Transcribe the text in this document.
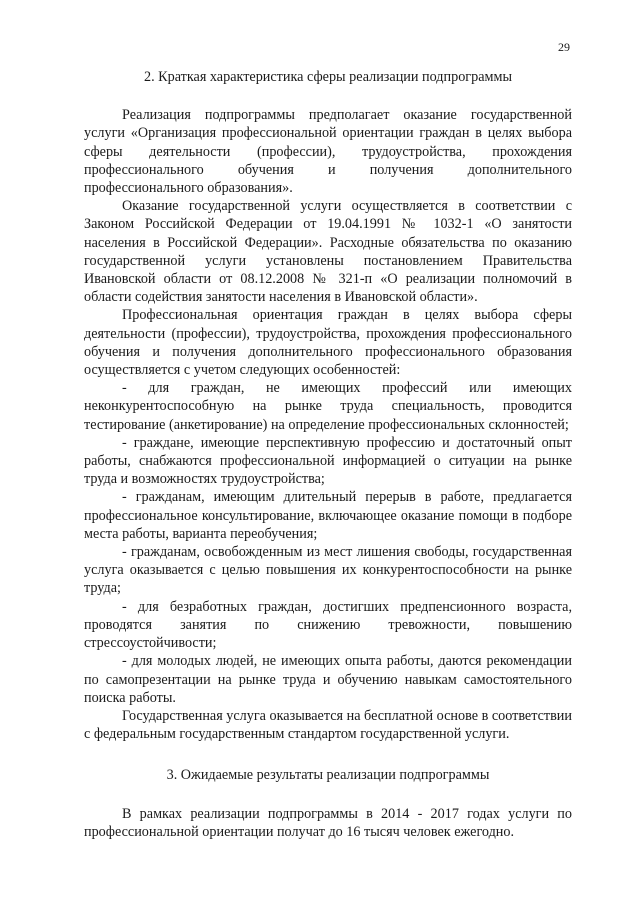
29
2. Краткая характеристика сферы реализации подпрограммы

Реализация подпрограммы предполагает оказание государственной услуги «Организация профессиональной ориентации граждан в целях выбора сферы деятельности (профессии), трудоустройства, прохождения профессионального обучения и получения дополнительного профессионального образования».

Оказание государственной услуги осуществляется в соответствии с Законом Российской Федерации от 19.04.1991 № 1032-1 «О занятости населения в Российской Федерации». Расходные обязательства по оказанию государственной услуги установлены постановлением Правительства Ивановской области от 08.12.2008 № 321-п «О реализации полномочий в области содействия занятости населения в Ивановской области».

Профессиональная ориентация граждан в целях выбора сферы деятельности (профессии), трудоустройства, прохождения профессионального обучения и получения дополнительного профессионального образования осуществляется с учетом следующих особенностей:

- для граждан, не имеющих профессий или имеющих неконкурентоспособную на рынке труда специальность, проводится тестирование (анкетирование) на определение профессиональных склонностей;

- граждане, имеющие перспективную профессию и достаточный опыт работы, снабжаются профессиональной информацией о ситуации на рынке труда и возможностях трудоустройства;

- гражданам, имеющим длительный перерыв в работе, предлагается профессиональное консультирование, включающее оказание помощи в подборе места работы, варианта переобучения;

- гражданам, освобожденным из мест лишения свободы, государственная услуга оказывается с целью повышения их конкурентоспособности на рынке труда;

- для безработных граждан, достигших предпенсионного возраста, проводятся занятия по снижению тревожности, повышению стрессоустойчивости;

- для молодых людей, не имеющих опыта работы, даются рекомендации по самопрезентации на рынке труда и обучению навыкам самостоятельного поиска работы.

Государственная услуга оказывается на бесплатной основе в соответствии с федеральным государственным стандартом государственной услуги.

3. Ожидаемые результаты реализации подпрограммы

В рамках реализации подпрограммы в 2014 - 2017 годах услуги по профессиональной ориентации получат до 16 тысяч человек ежегодно.
